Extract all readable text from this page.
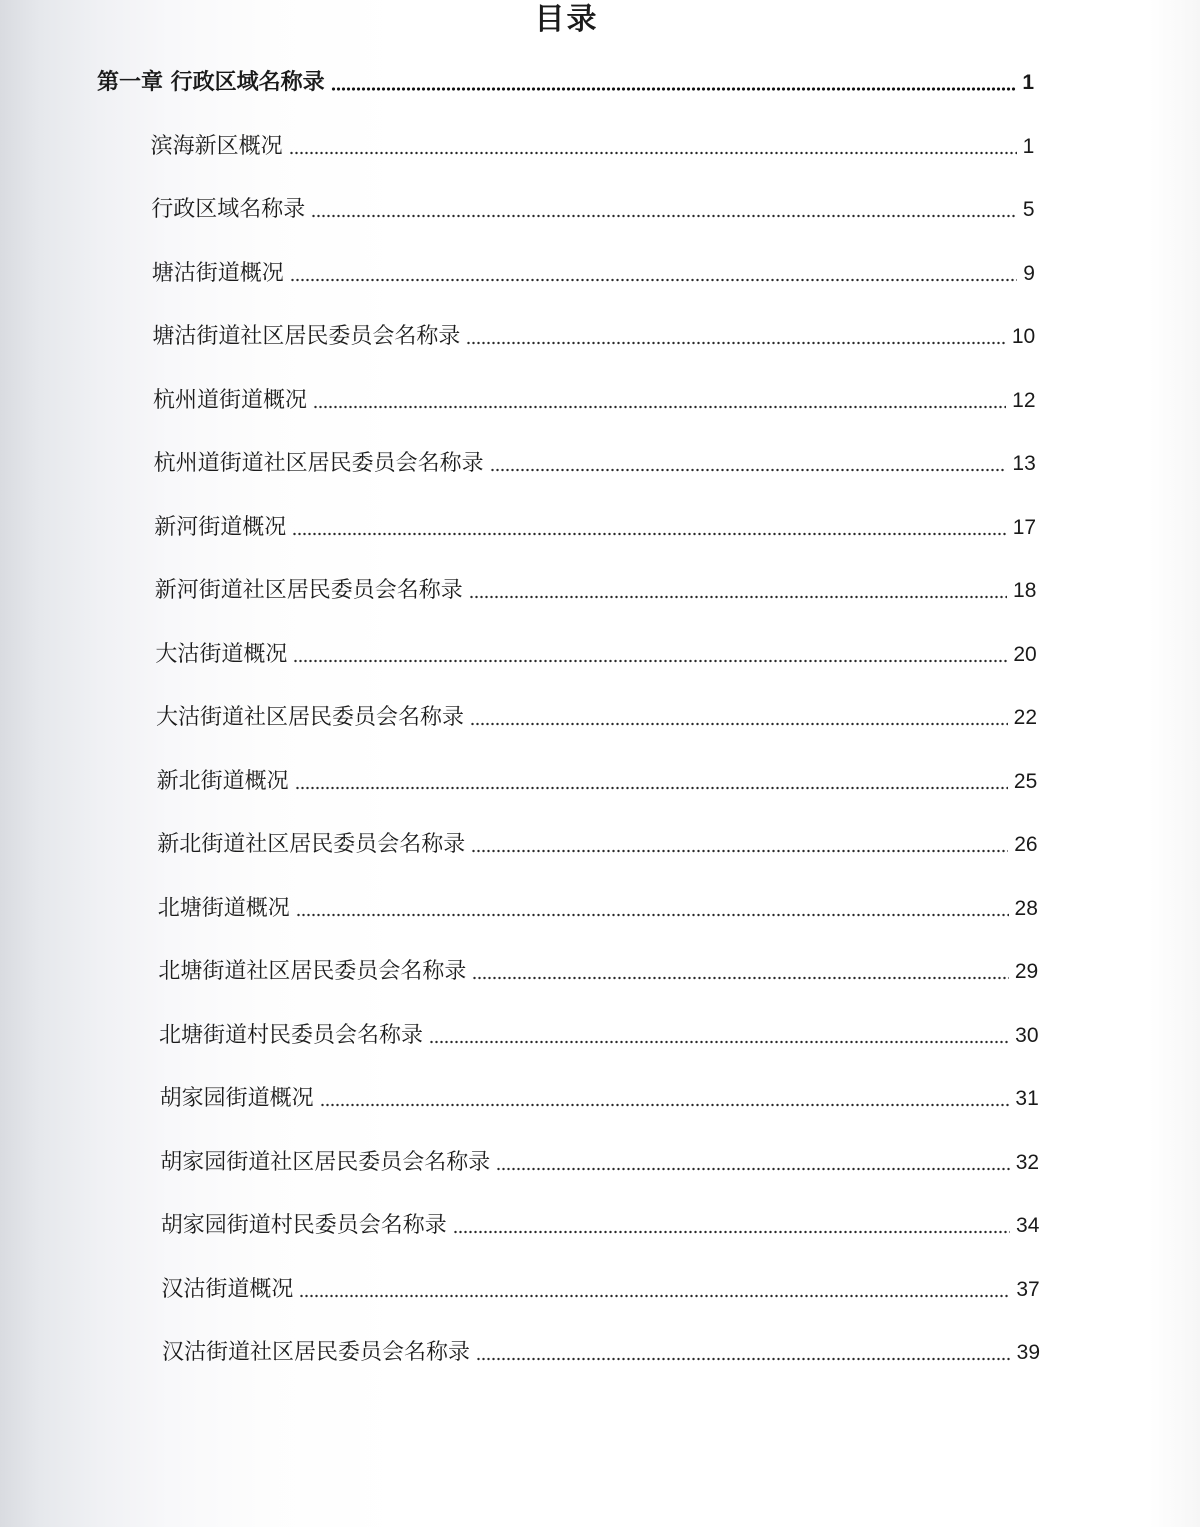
目录
第一章 行政区域名称录	1
滨海新区概况	1
行政区域名称录	5
塘沽街道概况	9
塘沽街道社区居民委员会名称录	10
杭州道街道概况	12
杭州道街道社区居民委员会名称录	13
新河街道概况	17
新河街道社区居民委员会名称录	18
大沽街道概况	20
大沽街道社区居民委员会名称录	22
新北街道概况	25
新北街道社区居民委员会名称录	26
北塘街道概况	28
北塘街道社区居民委员会名称录	29
北塘街道村民委员会名称录	30
胡家园街道概况	31
胡家园街道社区居民委员会名称录	32
胡家园街道村民委员会名称录	34
汉沽街道概况	37
汉沽街道社区居民委员会名称录	39
